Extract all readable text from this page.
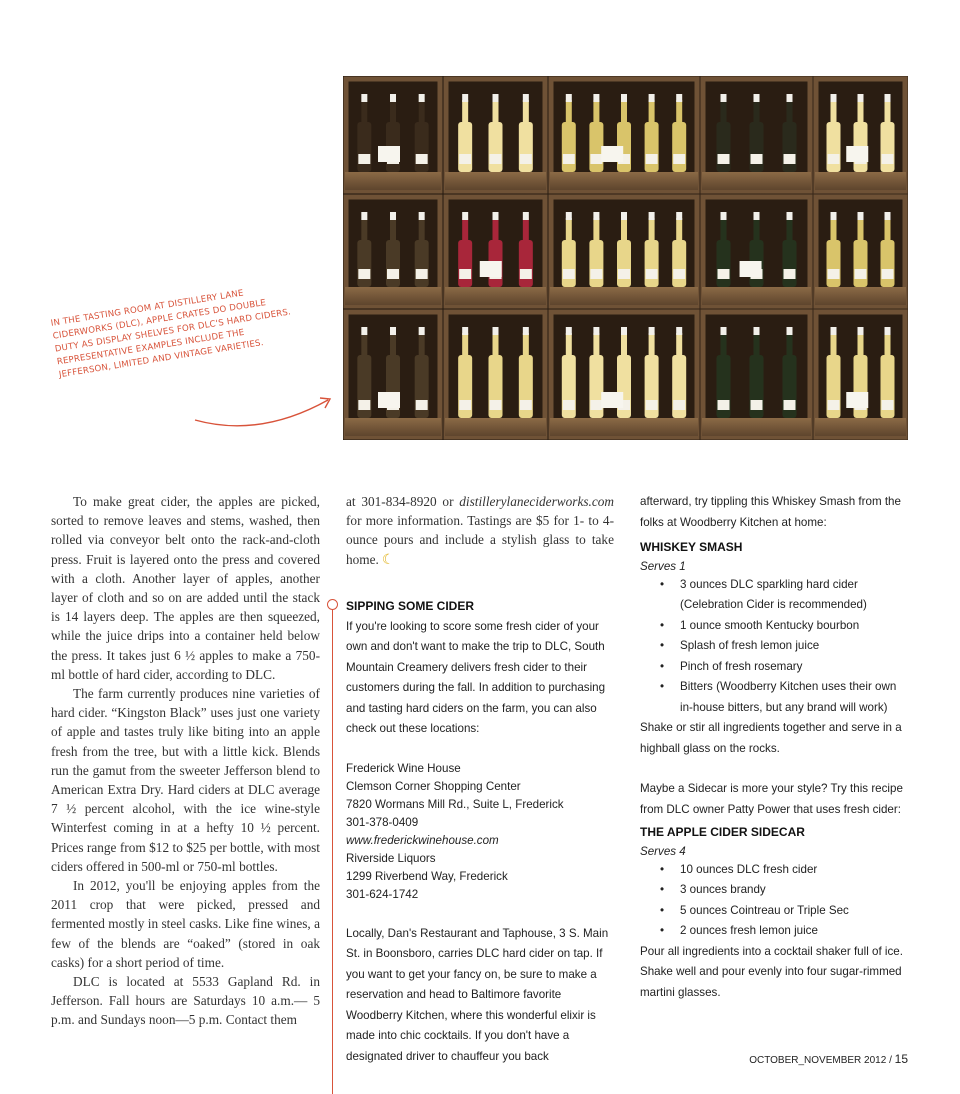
IN THE TASTING ROOM AT DISTILLERY LANE CIDERWORKS (DLC), APPLE CRATES DO DOUBLE DUTY AS DISPLAY SHELVES FOR DLC'S HARD CIDERS. REPRESENTATIVE EXAMPLES INCLUDE THE JEFFERSON, LIMITED AND VINTAGE VARIETIES.

To make great cider, the apples are picked, sorted to remove leaves and stems, washed, then rolled via conveyor belt onto the rack-and-cloth press. Fruit is layered onto the press and covered with a cloth. Another layer of apples, another layer of cloth and so on are added until the stack is 14 layers deep. The apples are then squeezed, while the juice drips into a container held below the press. It takes just 6 ½ apples to make a 750-ml bottle of hard cider, according to DLC.

The farm currently produces nine varieties of hard cider. “Kingston Black” uses just one variety of apple and tastes truly like biting into an apple fresh from the tree, but with a little kick. Blends run the gamut from the sweeter Jefferson blend to American Extra Dry. Hard ciders at DLC average 7 ½ percent alcohol, with the ice wine-style Winterfest coming in at a hefty 10 ½ percent. Prices range from $12 to $25 per bottle, with most ciders offered in 500-ml or 750-ml bottles.

In 2012, you'll be enjoying apples from the 2011 crop that were picked, pressed and fermented mostly in steel casks. Like fine wines, a few of the blends are “oaked” (stored in oak casks) for a short period of time.

DLC is located at 5533 Gapland Rd. in Jefferson. Fall hours are Saturdays 10 a.m.— 5 p.m. and Sundays noon—5 p.m. Contact them

at 301-834-8920 or distillerylaneciderworks.com for more information. Tastings are $5 for 1- to 4- ounce pours and include a stylish glass to take home. ☾
SIPPING SOME CIDER
If you're looking to score some fresh cider of your own and don't want to make the trip to DLC, South Mountain Creamery delivers fresh cider to their customers during the fall. In addition to purchasing and tasting hard ciders on the farm, you can also check out these locations:
Frederick Wine House
Clemson Corner Shopping Center
7820 Wormans Mill Rd., Suite L, Frederick
301-378-0409
www.frederickwinehouse.com
Riverside Liquors
1299 Riverbend Way, Frederick
301-624-1742
Locally, Dan's Restaurant and Taphouse, 3 S. Main St. in Boonsboro, carries DLC hard cider on tap. If you want to get your fancy on, be sure to make a reservation and head to Baltimore favorite Woodberry Kitchen, where this wonderful elixir is made into chic cocktails. If you don't have a designated driver to chauffeur you back
afterward, try tippling this Whiskey Smash from the folks at Woodberry Kitchen at home:
WHISKEY SMASH
Serves 1
• 3 ounces DLC sparkling hard cider (Celebration Cider is recommended)
• 1 ounce smooth Kentucky bourbon
• Splash of fresh lemon juice
• Pinch of fresh rosemary
• Bitters (Woodberry Kitchen uses their own in-house bitters, but any brand will work)
Shake or stir all ingredients together and serve in a highball glass on the rocks.
Maybe a Sidecar is more your style? Try this recipe from DLC owner Patty Power that uses fresh cider:
THE APPLE CIDER SIDECAR
Serves 4
• 10 ounces DLC fresh cider
• 3 ounces brandy
• 5 ounces Cointreau or Triple Sec
• 2 ounces fresh lemon juice
Pour all ingredients into a cocktail shaker full of ice. Shake well and pour evenly into four sugar-rimmed martini glasses.
OCTOBER_NOVEMBER 2012 / 15
